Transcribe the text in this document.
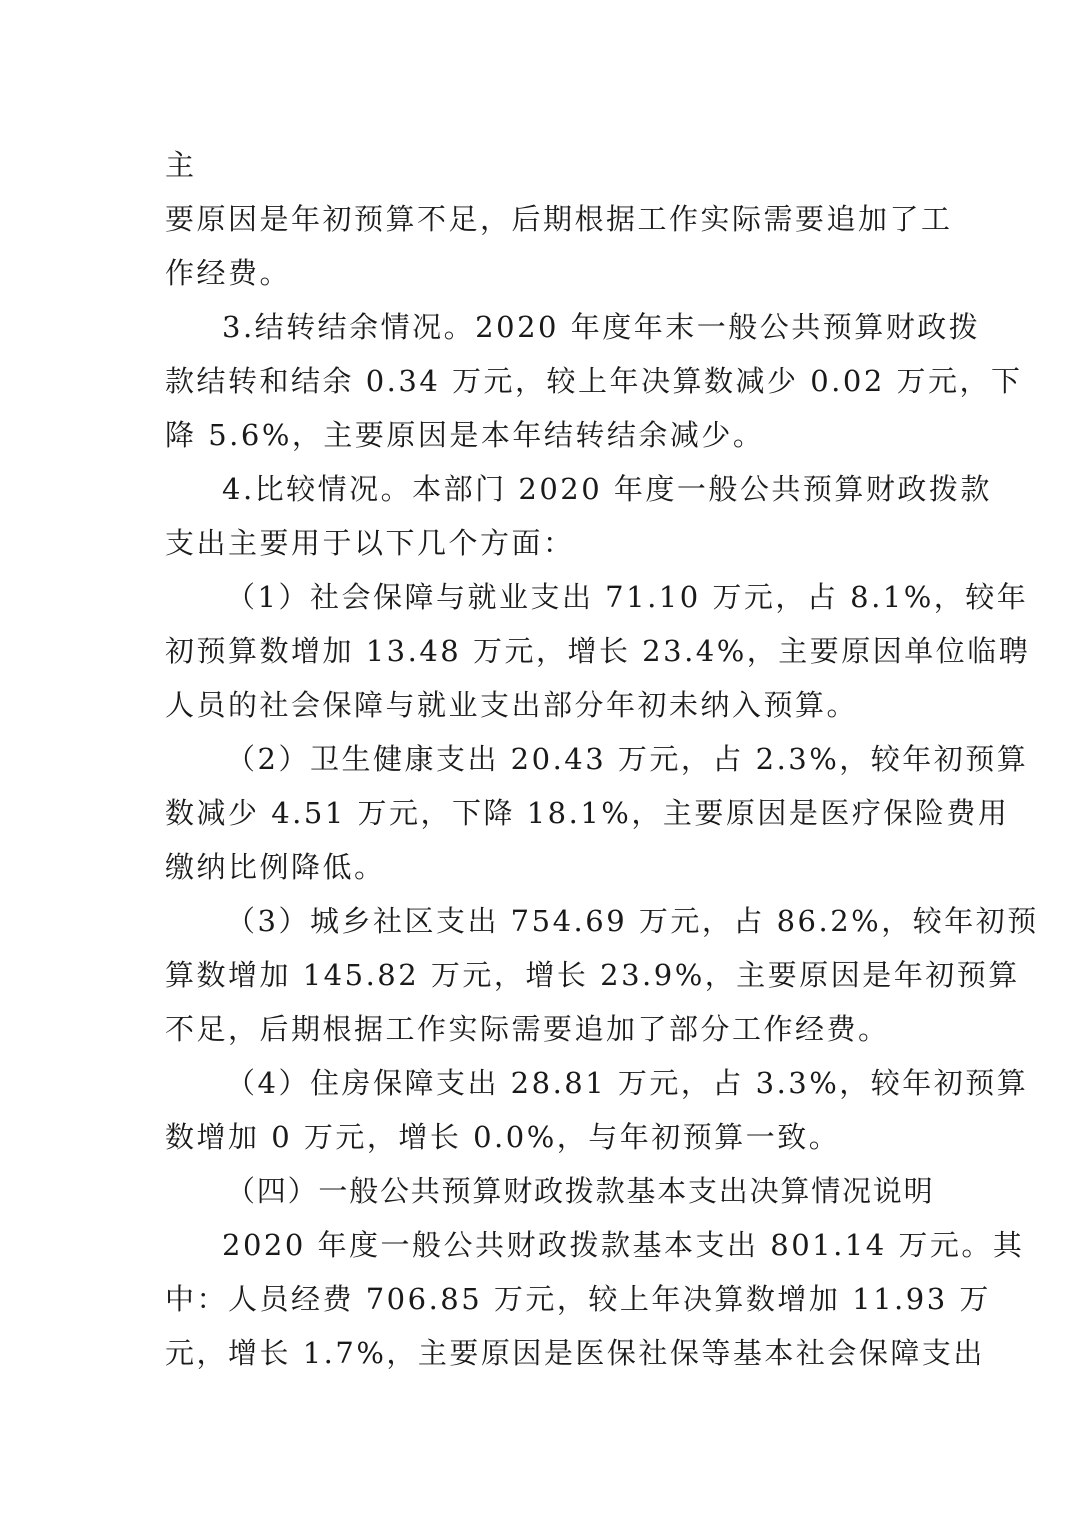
主
要原因是年初预算不足，后期根据工作实际需要追加了工
作经费。
3.结转结余情况。2020 年度年末一般公共预算财政拨
款结转和结余 0.34 万元，较上年决算数减少 0.02 万元，下
降 5.6%，主要原因是本年结转结余减少。
4.比较情况。本部门 2020 年度一般公共预算财政拨款
支出主要用于以下几个方面：
（1）社会保障与就业支出 71.10 万元，占 8.1%，较年
初预算数增加 13.48 万元，增长 23.4%，主要原因单位临聘
人员的社会保障与就业支出部分年初未纳入预算。
（2）卫生健康支出 20.43 万元，占 2.3%，较年初预算
数减少 4.51 万元，下降 18.1%，主要原因是医疗保险费用
缴纳比例降低。
（3）城乡社区支出 754.69 万元，占 86.2%，较年初预
算数增加 145.82 万元，增长 23.9%，主要原因是年初预算
不足，后期根据工作实际需要追加了部分工作经费。
（4）住房保障支出 28.81 万元，占 3.3%，较年初预算
数增加 0 万元，增长 0.0%，与年初预算一致。
（四）一般公共预算财政拨款基本支出决算情况说明
2020 年度一般公共财政拨款基本支出 801.14 万元。其
中：人员经费 706.85 万元，较上年决算数增加 11.93 万
元，增长 1.7%，主要原因是医保社保等基本社会保障支出
